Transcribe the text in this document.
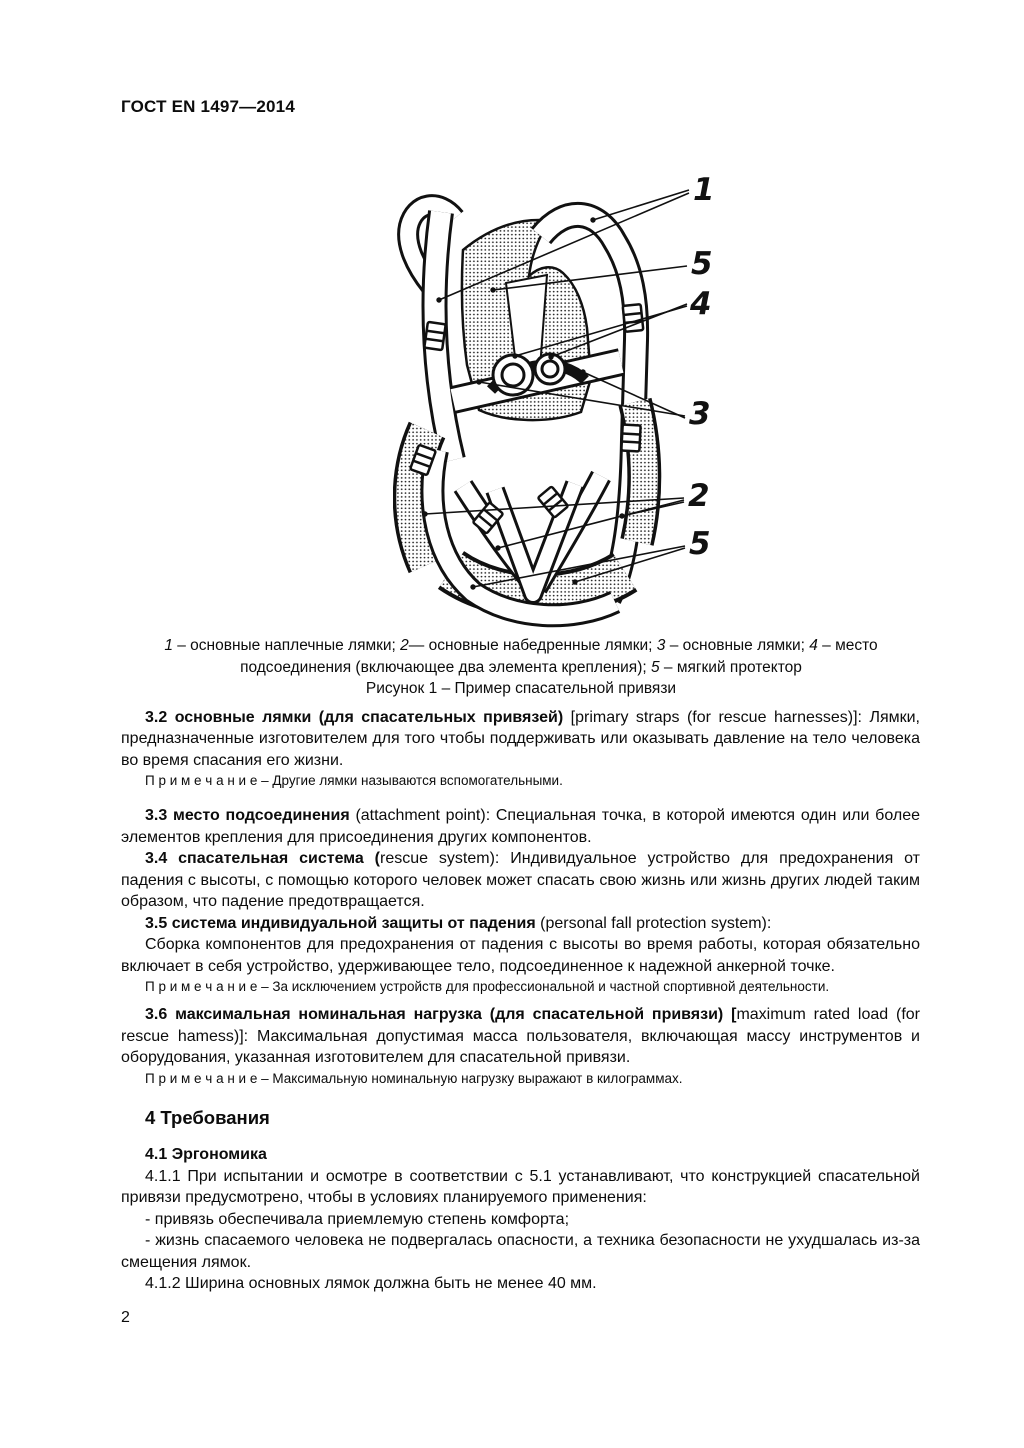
ГОСТ EN 1497—2014
1
5
4
3
2
5
1 – основные наплечные лямки; 2— основные набедренные лямки; 3 – основные лямки; 4 – место подсоединения (включающее два элемента крепления); 5 – мягкий протектор
Рисунок 1 – Пример спасательной привязи
3.2 основные лямки (для спасательных привязей) [primary straps (for rescue harnesses)]: Лямки, предназначенные изготовителем для того чтобы поддерживать или оказывать давление на тело человека во время спасания его жизни.
П р и м е ч а н и е – Другие лямки называются вспомогательными.
3.3 место подсоединения (attachment point): Специальная точка, в которой имеются один или более элементов крепления для присоединения других компонентов.
3.4 спасательная система (rescue system): Индивидуальное устройство для предохранения от падения с высоты, с помощью которого человек может спасать свою жизнь или жизнь других людей таким образом, что падение предотвращается.
3.5 система индивидуальной защиты от падения (personal fall protection system):
Сборка компонентов для предохранения от падения с высоты во время работы, которая обязательно включает в себя устройство, удерживающее тело, подсоединенное к надежной анкерной точке.
П р и м е ч а н и е – За исключением устройств для профессиональной и частной спортивной деятельности.
3.6 максимальная номинальная нагрузка (для спасательной привязи) [maximum rated load (for rescue hamess)]: Максимальная допустимая масса пользователя, включающая массу инструментов и оборудования, указанная изготовителем для спасательной привязи.
П р и м е ч а н и е – Максимальную номинальную нагрузку выражают в килограммах.
4 Требования
4.1 Эргономика
4.1.1 При испытании и осмотре в соответствии с 5.1 устанавливают, что конструкцией спасательной привязи предусмотрено, чтобы в условиях планируемого применения:
- привязь обеспечивала приемлемую степень комфорта;
- жизнь спасаемого человека не подвергалась опасности, а техника безопасности не ухудшалась из-за смещения лямок.
4.1.2 Ширина основных лямок должна быть не менее 40 мм.
2
